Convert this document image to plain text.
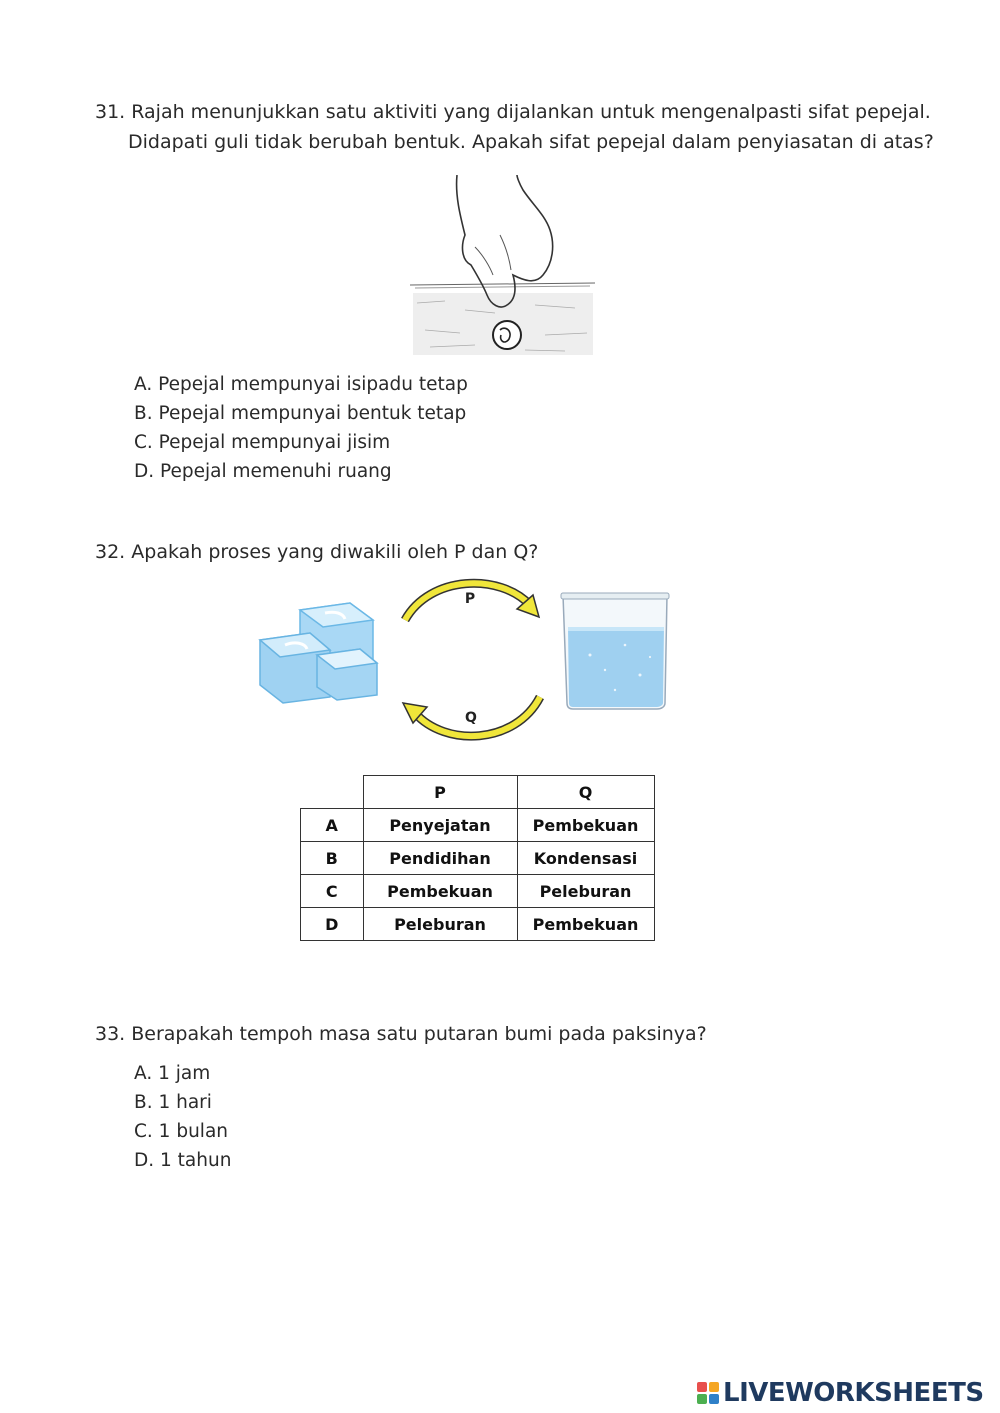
31. Rajah menunjukkan satu aktiviti yang dijalankan untuk mengenalpasti sifat pepejal.
Didapati guli tidak berubah bentuk. Apakah sifat pepejal dalam penyiasatan di atas?
A. Pepejal mempunyai isipadu tetap
B. Pepejal mempunyai bentuk tetap
C. Pepejal mempunyai jisim
D. Pepejal memenuhi ruang
32. Apakah proses yang diwakili oleh P dan Q?
P
Q
	P	Q
A	Penyejatan	Pembekuan
B	Pendidihan	Kondensasi
C	Pembekuan	Peleburan
D	Peleburan	Pembekuan
33. Berapakah tempoh masa satu putaran bumi pada paksinya?
A. 1 jam
B. 1 hari
C. 1 bulan
D. 1 tahun
LIVEWORKSHEETS
